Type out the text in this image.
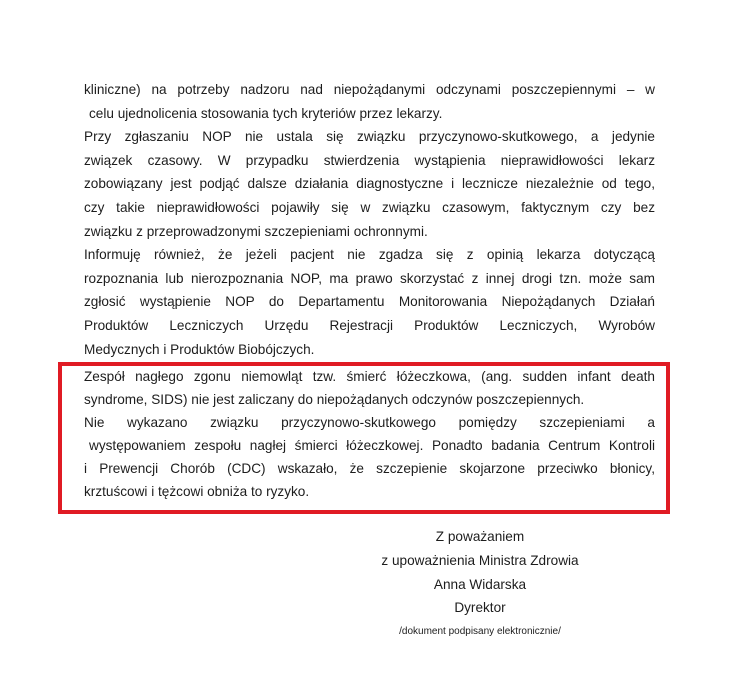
kliniczne) na potrzeby nadzoru nad niepożądanymi odczynami poszczepiennymi – w
celu ujednolicenia stosowania tych kryteriów przez lekarzy.
Przy zgłaszaniu NOP nie ustala się związku przyczynowo-skutkowego, a jedynie
związek czasowy. W przypadku stwierdzenia wystąpienia nieprawidłowości lekarz
zobowiązany jest podjąć dalsze działania diagnostyczne i lecznicze niezależnie od tego,
czy takie nieprawidłowości pojawiły się w związku czasowym, faktycznym czy bez
związku z przeprowadzonymi szczepieniami ochronnymi.
Informuję również, że jeżeli pacjent nie zgadza się z opinią lekarza dotyczącą
rozpoznania lub nierozpoznania NOP, ma prawo skorzystać z innej drogi tzn. może sam
zgłosić wystąpienie NOP do Departamentu Monitorowania Niepożądanych Działań
Produktów Leczniczych Urzędu Rejestracji Produktów Leczniczych, Wyrobów
Medycznych i Produktów Biobójczych.
Zespół nagłego zgonu niemowląt tzw. śmierć łóżeczkowa, (ang. sudden infant death
syndrome, SIDS) nie jest zaliczany do niepożądanych odczynów poszczepiennych.
Nie wykazano związku przyczynowo-skutkowego pomiędzy szczepieniami a
występowaniem zespołu nagłej śmierci łóżeczkowej. Ponadto badania Centrum Kontroli
i Prewencji Chorób (CDC) wskazało, że szczepienie skojarzone przeciwko błonicy,
krztuścowi i tężcowi obniża to ryzyko.
Z poważaniem
z upoważnienia Ministra Zdrowia
Anna Widarska
Dyrektor
/dokument podpisany elektronicznie/
